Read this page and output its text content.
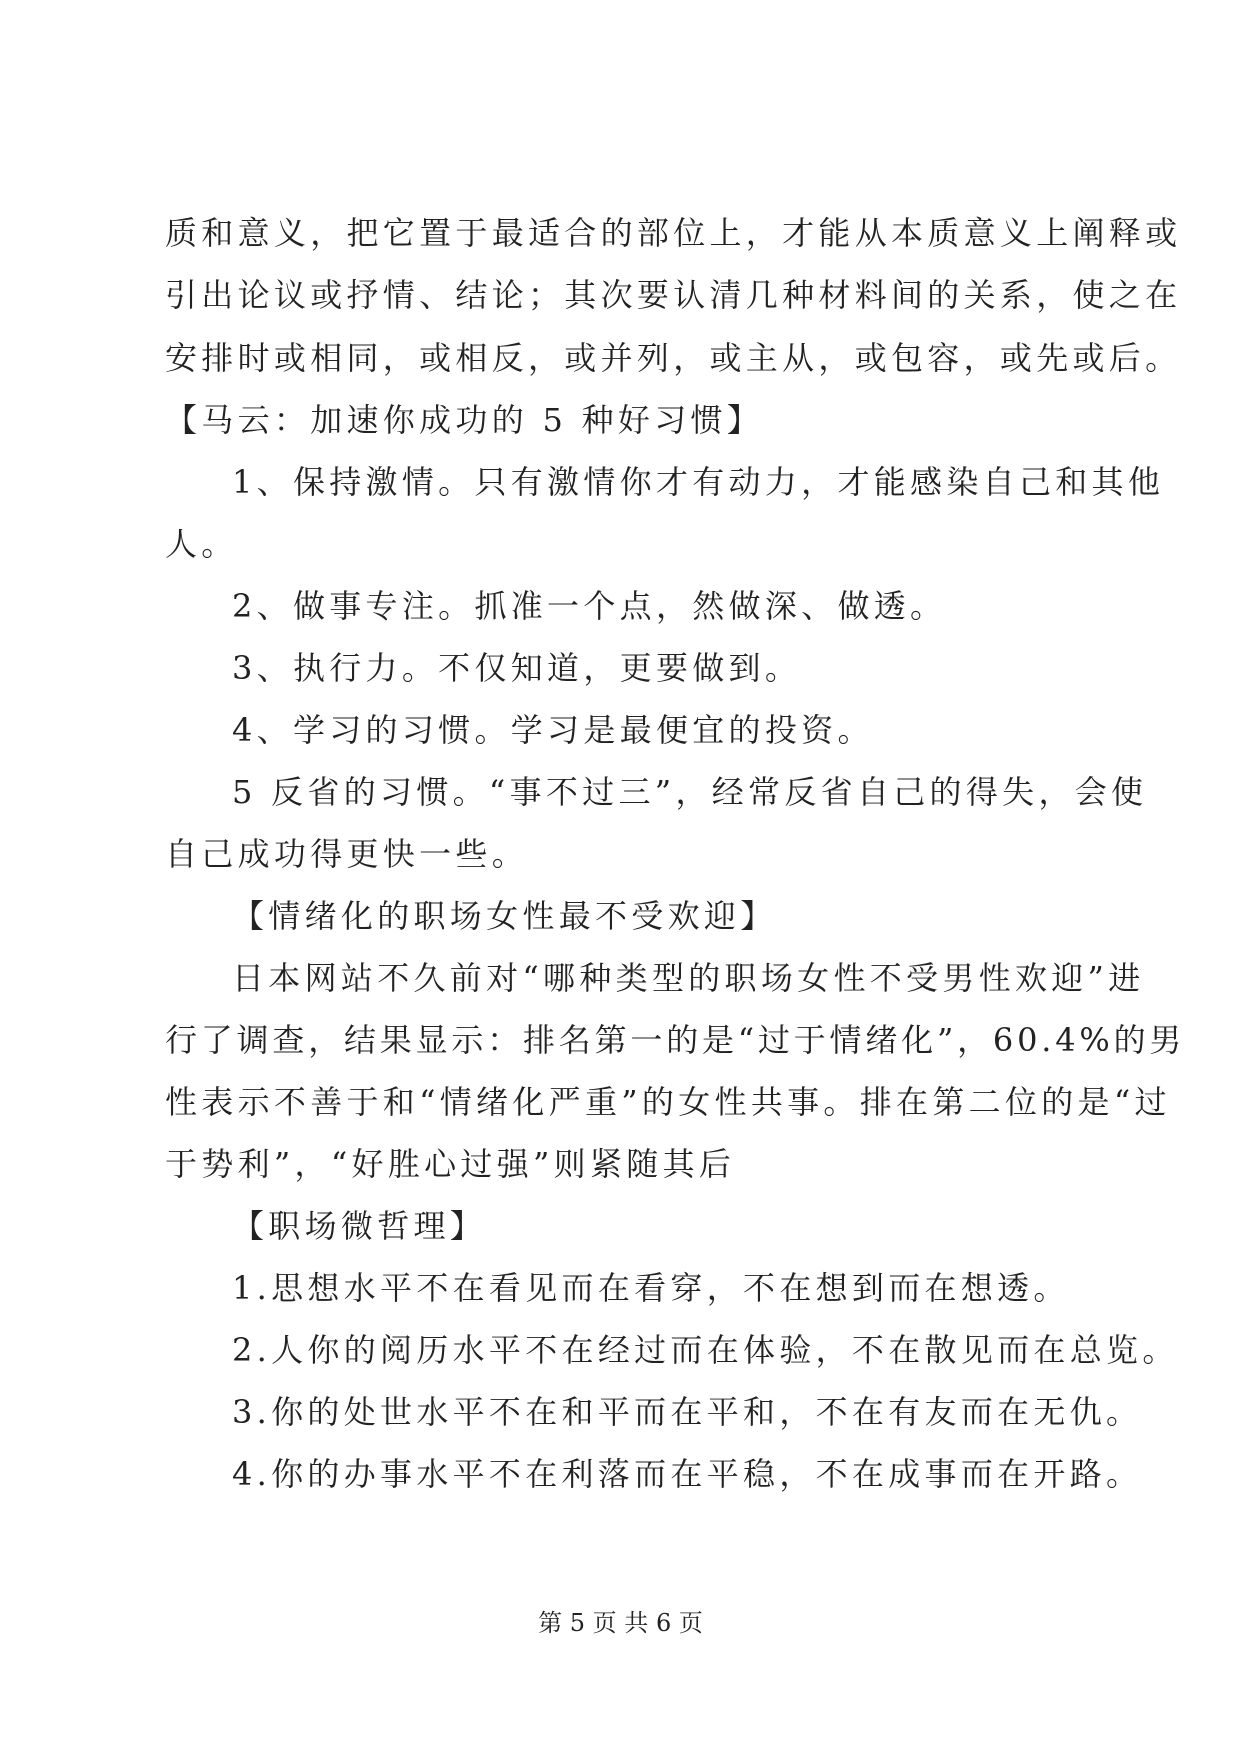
质和意义，把它置于最适合的部位上，才能从本质意义上阐释或
引出论议或抒情、结论；其次要认清几种材料间的关系，使之在
安排时或相同，或相反，或并列，或主从，或包容，或先或后。
【马云：加速你成功的 5 种好习惯】
1、保持激情。只有激情你才有动力，才能感染自己和其他
人。
2、做事专注。抓准一个点，然做深、做透。
3、执行力。不仅知道，更要做到。
4、学习的习惯。学习是最便宜的投资。
5 反省的习惯。“事不过三”，经常反省自己的得失，会使
自己成功得更快一些。
【情绪化的职场女性最不受欢迎】
日本网站不久前对“哪种类型的职场女性不受男性欢迎”进
行了调查，结果显示：排名第一的是“过于情绪化”，60.4%的男
性表示不善于和“情绪化严重”的女性共事。排在第二位的是“过
于势利”，“好胜心过强”则紧随其后
【职场微哲理】
1.思想水平不在看见而在看穿，不在想到而在想透。
2.人你的阅历水平不在经过而在体验，不在散见而在总览。
3.你的处世水平不在和平而在平和，不在有友而在无仇。
4.你的办事水平不在利落而在平稳，不在成事而在开路。
第 5 页 共 6 页
